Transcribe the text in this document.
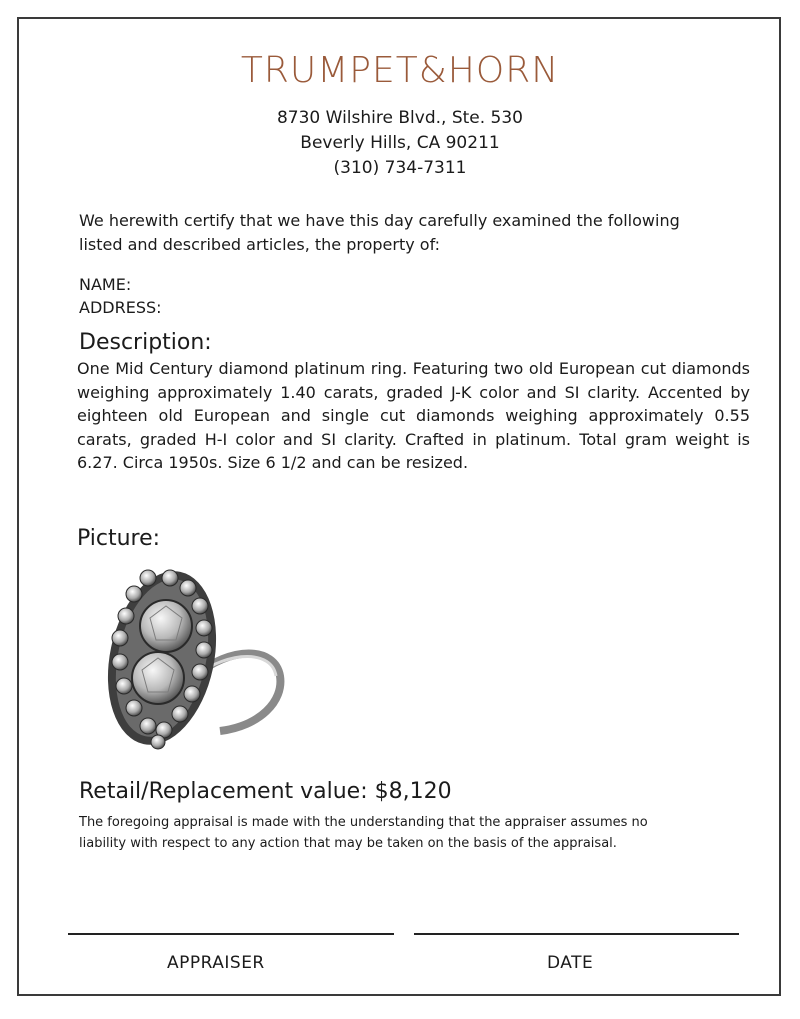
TRUMPET&HORN
8730 Wilshire Blvd., Ste. 530
Beverly Hills, CA 90211
(310) 734-7311
We herewith certify that we have this day carefully examined the following
listed and described articles, the property of:
NAME:
ADDRESS:
Description:
One Mid Century diamond platinum ring. Featuring two old European cut diamonds weighing approximately 1.40 carats, graded J-K color and SI clarity. Accented by eighteen old European and single cut diamonds weighing approximately 0.55 carats, graded H-I color and SI clarity. Crafted in platinum. Total gram weight is 6.27. Circa 1950s. Size 6 1/2 and can be resized.
Picture:
Retail/Replacement value: $8,120
The foregoing appraisal is made with the understanding that the appraiser assumes no
liability with respect to any action that may be taken on the basis of the appraisal.
APPRAISER	DATE
